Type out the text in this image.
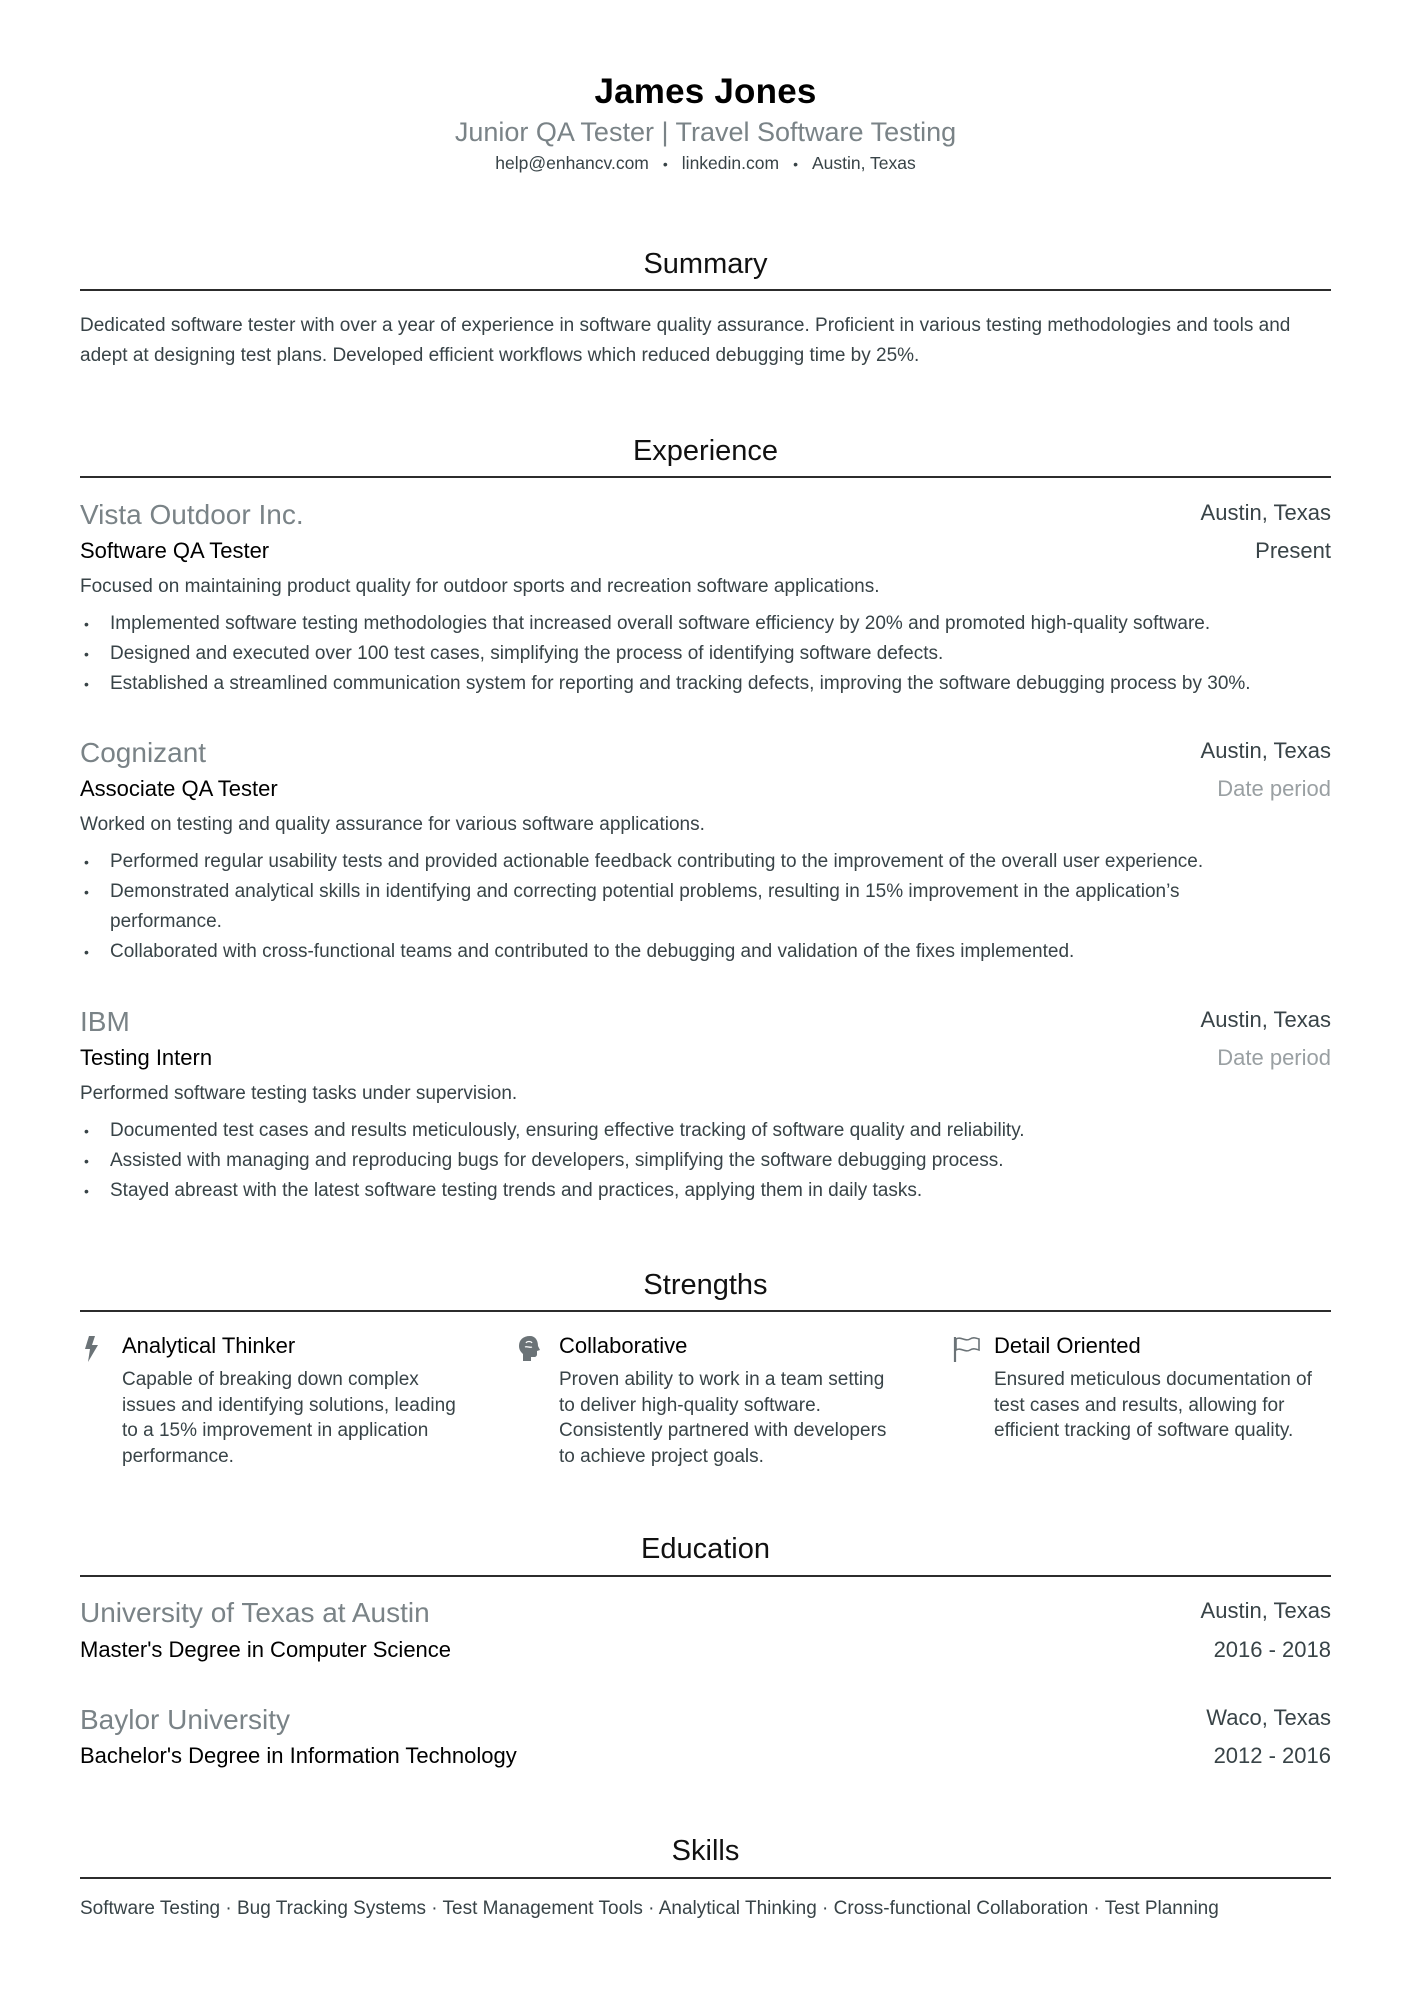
James Jones
Junior QA Tester | Travel Software Testing
help@enhancv.com • linkedin.com • Austin, Texas
Summary
Dedicated software tester with over a year of experience in software quality assurance. Proficient in various testing methodologies and tools and adept at designing test plans. Developed efficient workflows which reduced debugging time by 25%.
Experience
Vista Outdoor Inc.	Austin, Texas
Software QA Tester	Present
Focused on maintaining product quality for outdoor sports and recreation software applications.
• Implemented software testing methodologies that increased overall software efficiency by 20% and promoted high-quality software.
• Designed and executed over 100 test cases, simplifying the process of identifying software defects.
• Established a streamlined communication system for reporting and tracking defects, improving the software debugging process by 30%.
Cognizant	Austin, Texas
Associate QA Tester	Date period
Worked on testing and quality assurance for various software applications.
• Performed regular usability tests and provided actionable feedback contributing to the improvement of the overall user experience.
• Demonstrated analytical skills in identifying and correcting potential problems, resulting in 15% improvement in the application’s performance.
• Collaborated with cross-functional teams and contributed to the debugging and validation of the fixes implemented.
IBM	Austin, Texas
Testing Intern	Date period
Performed software testing tasks under supervision.
• Documented test cases and results meticulously, ensuring effective tracking of software quality and reliability.
• Assisted with managing and reproducing bugs for developers, simplifying the software debugging process.
• Stayed abreast with the latest software testing trends and practices, applying them in daily tasks.
Strengths
Analytical Thinker
Capable of breaking down complex issues and identifying solutions, leading to a 15% improvement in application performance.
Collaborative
Proven ability to work in a team setting to deliver high-quality software. Consistently partnered with developers to achieve project goals.
Detail Oriented
Ensured meticulous documentation of test cases and results, allowing for efficient tracking of software quality.
Education
University of Texas at Austin	Austin, Texas
Master's Degree in Computer Science	2016 - 2018
Baylor University	Waco, Texas
Bachelor's Degree in Information Technology	2012 - 2016
Skills
Software Testing · Bug Tracking Systems · Test Management Tools · Analytical Thinking · Cross-functional Collaboration · Test Planning
